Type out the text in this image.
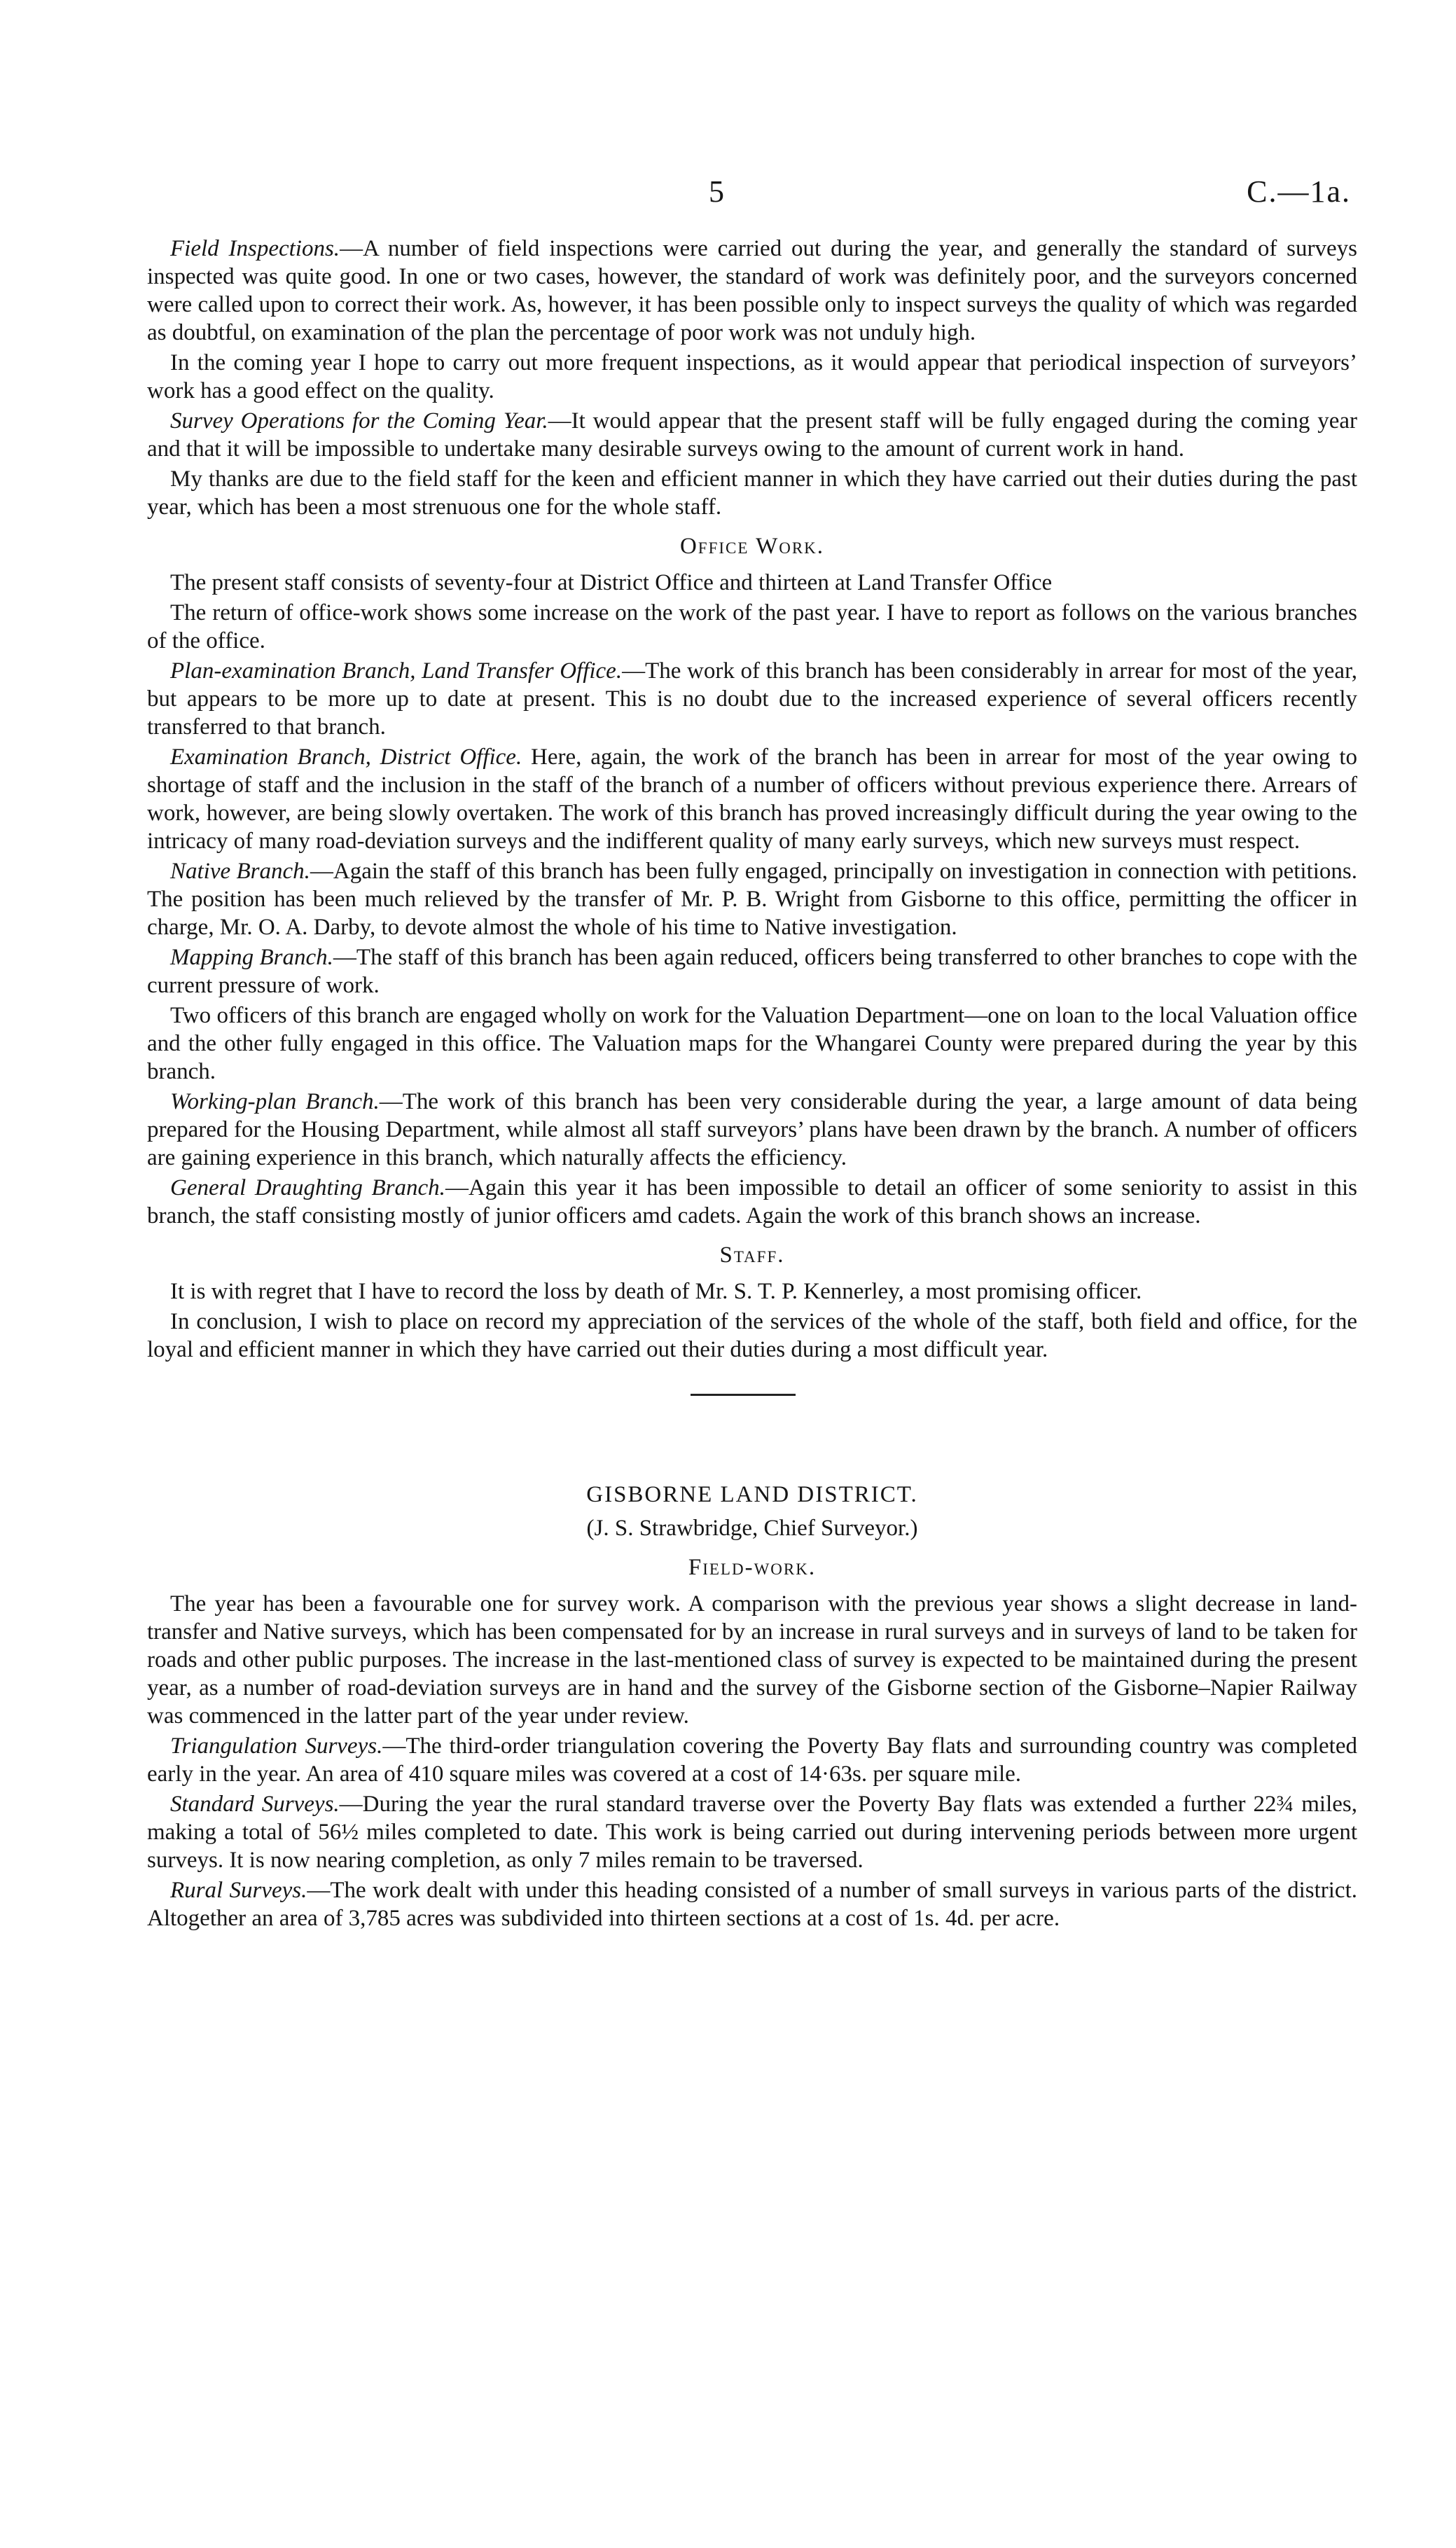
5	C.—1a.

Field Inspections.—A number of field inspections were carried out during the year, and generally the standard of surveys inspected was quite good. In one or two cases, however, the standard of work was definitely poor, and the surveyors concerned were called upon to correct their work. As, however, it has been possible only to inspect surveys the quality of which was regarded as doubtful, on examination of the plan the percentage of poor work was not unduly high.

In the coming year I hope to carry out more frequent inspections, as it would appear that periodical inspection of surveyors’ work has a good effect on the quality.

Survey Operations for the Coming Year.—It would appear that the present staff will be fully engaged during the coming year and that it will be impossible to undertake many desirable surveys owing to the amount of current work in hand.

My thanks are due to the field staff for the keen and efficient manner in which they have carried out their duties during the past year, which has been a most strenuous one for the whole staff.

Office Work.

The present staff consists of seventy-four at District Office and thirteen at Land Transfer Office

The return of office-work shows some increase on the work of the past year. I have to report as follows on the various branches of the office.

Plan-examination Branch, Land Transfer Office.—The work of this branch has been considerably in arrear for most of the year, but appears to be more up to date at present. This is no doubt due to the increased experience of several officers recently transferred to that branch.

Examination Branch, District Office. Here, again, the work of the branch has been in arrear for most of the year owing to shortage of staff and the inclusion in the staff of the branch of a number of officers without previous experience there. Arrears of work, however, are being slowly overtaken. The work of this branch has proved increasingly difficult during the year owing to the intricacy of many road-deviation surveys and the indifferent quality of many early surveys, which new surveys must respect.

Native Branch.—Again the staff of this branch has been fully engaged, principally on investigation in connection with petitions. The position has been much relieved by the transfer of Mr. P. B. Wright from Gisborne to this office, permitting the officer in charge, Mr. O. A. Darby, to devote almost the whole of his time to Native investigation.

Mapping Branch.—The staff of this branch has been again reduced, officers being transferred to other branches to cope with the current pressure of work.

Two officers of this branch are engaged wholly on work for the Valuation Department—one on loan to the local Valuation office and the other fully engaged in this office. The Valuation maps for the Whangarei County were prepared during the year by this branch.

Working-plan Branch.—The work of this branch has been very considerable during the year, a large amount of data being prepared for the Housing Department, while almost all staff surveyors’ plans have been drawn by the branch. A number of officers are gaining experience in this branch, which naturally affects the efficiency.

General Draughting Branch.—Again this year it has been impossible to detail an officer of some seniority to assist in this branch, the staff consisting mostly of junior officers amd cadets. Again the work of this branch shows an increase.

Staff.

It is with regret that I have to record the loss by death of Mr. S. T. P. Kennerley, a most promising officer.

In conclusion, I wish to place on record my appreciation of the services of the whole of the staff, both field and office, for the loyal and efficient manner in which they have carried out their duties during a most difficult year.

GISBORNE LAND DISTRICT.
(J. S. Strawbridge, Chief Surveyor.)
Field-work.

The year has been a favourable one for survey work. A comparison with the previous year shows a slight decrease in land-transfer and Native surveys, which has been compensated for by an increase in rural surveys and in surveys of land to be taken for roads and other public purposes. The increase in the last-mentioned class of survey is expected to be maintained during the present year, as a number of road-deviation surveys are in hand and the survey of the Gisborne section of the Gisborne–Napier Railway was commenced in the latter part of the year under review.

Triangulation Surveys.—The third-order triangulation covering the Poverty Bay flats and surrounding country was completed early in the year. An area of 410 square miles was covered at a cost of 14·63s. per square mile.

Standard Surveys.—During the year the rural standard traverse over the Poverty Bay flats was extended a further 22¾ miles, making a total of 56½ miles completed to date. This work is being carried out during intervening periods between more urgent surveys. It is now nearing completion, as only 7 miles remain to be traversed.

Rural Surveys.—The work dealt with under this heading consisted of a number of small surveys in various parts of the district. Altogether an area of 3,785 acres was subdivided into thirteen sections at a cost of 1s. 4d. per acre.
